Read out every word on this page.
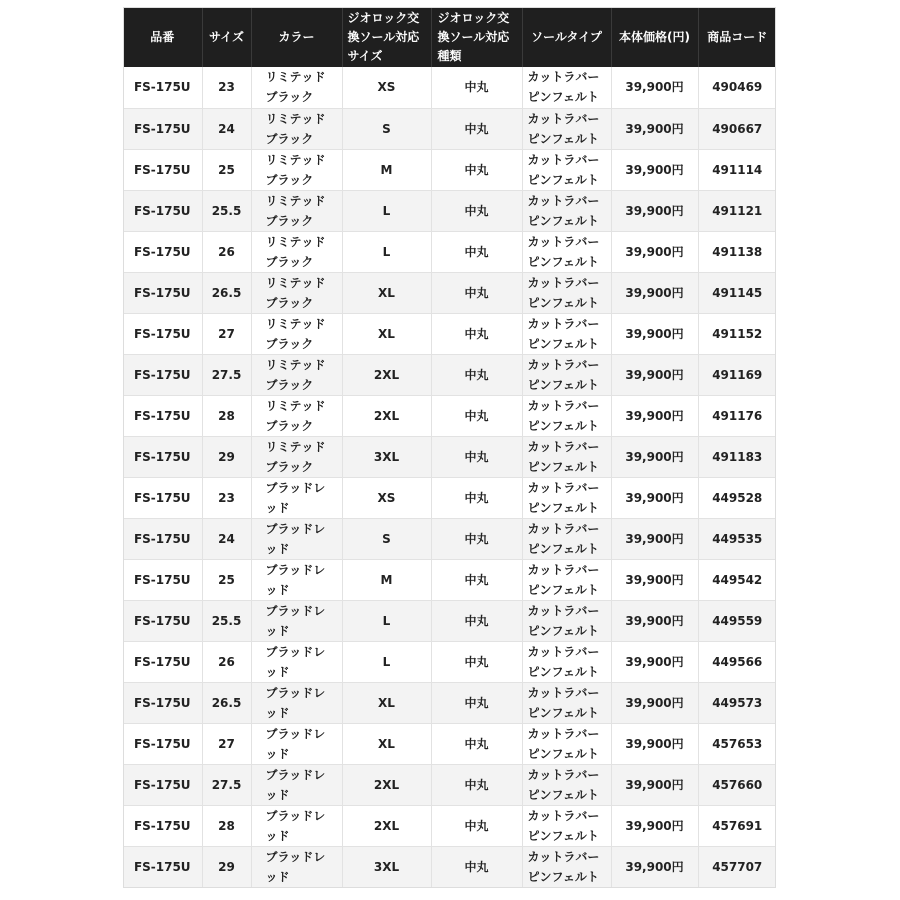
品番	サイズ	カラー	ジオロック交換ソール対応サイズ	ジオロック交換ソール対応種類	ソールタイプ	本体価格(円)	商品コード
FS-175U	23	リミテッドブラック	XS	中丸	カットラバーピンフェルト	39,900円	490469
FS-175U	24	リミテッドブラック	S	中丸	カットラバーピンフェルト	39,900円	490667
FS-175U	25	リミテッドブラック	M	中丸	カットラバーピンフェルト	39,900円	491114
FS-175U	25.5	リミテッドブラック	L	中丸	カットラバーピンフェルト	39,900円	491121
FS-175U	26	リミテッドブラック	L	中丸	カットラバーピンフェルト	39,900円	491138
FS-175U	26.5	リミテッドブラック	XL	中丸	カットラバーピンフェルト	39,900円	491145
FS-175U	27	リミテッドブラック	XL	中丸	カットラバーピンフェルト	39,900円	491152
FS-175U	27.5	リミテッドブラック	2XL	中丸	カットラバーピンフェルト	39,900円	491169
FS-175U	28	リミテッドブラック	2XL	中丸	カットラバーピンフェルト	39,900円	491176
FS-175U	29	リミテッドブラック	3XL	中丸	カットラバーピンフェルト	39,900円	491183
FS-175U	23	ブラッドレッド	XS	中丸	カットラバーピンフェルト	39,900円	449528
FS-175U	24	ブラッドレッド	S	中丸	カットラバーピンフェルト	39,900円	449535
FS-175U	25	ブラッドレッド	M	中丸	カットラバーピンフェルト	39,900円	449542
FS-175U	25.5	ブラッドレッド	L	中丸	カットラバーピンフェルト	39,900円	449559
FS-175U	26	ブラッドレッド	L	中丸	カットラバーピンフェルト	39,900円	449566
FS-175U	26.5	ブラッドレッド	XL	中丸	カットラバーピンフェルト	39,900円	449573
FS-175U	27	ブラッドレッド	XL	中丸	カットラバーピンフェルト	39,900円	457653
FS-175U	27.5	ブラッドレッド	2XL	中丸	カットラバーピンフェルト	39,900円	457660
FS-175U	28	ブラッドレッド	2XL	中丸	カットラバーピンフェルト	39,900円	457691
FS-175U	29	ブラッドレッド	3XL	中丸	カットラバーピンフェルト	39,900円	457707
